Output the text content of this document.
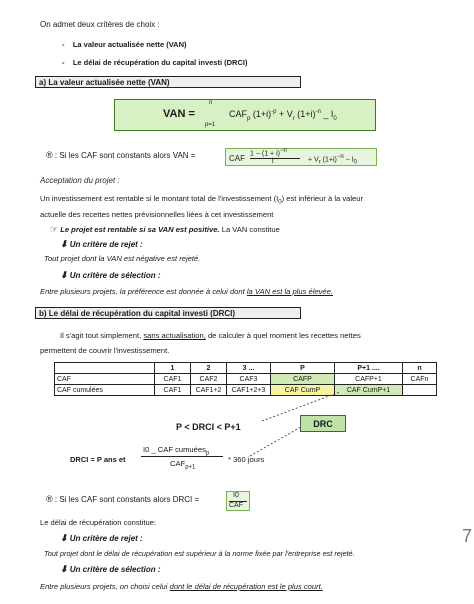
On admet deux critères de choix :
-    La valeur actualisée nette (VAN)
-    Le délai de récupération du capital investi (DRCI)
a) La valeur actualisée nette (VAN)
VAN =
n
p=1
$CAF_p$ $(1+i)^{-p} + V_r$ $(1+i)^{-n}$ _ $I_0$
® : Si les CAF sont constants alors VAN =	CAF
$1 - (1 + i)^{-n}$
i	+ $V_r$ $(1+i)^{-n} - I_0$
Acceptation du projet :
Un investissement est rentable si le montant total de l'investissement $(I_0)$ est inférieur à la valeur
actuelle des recettes nettes prévisionnelles liées à cet investissement
☞ Le projet est rentable si sa VAN est positive. La VAN constitue
⬇ Un critère de rejet :
Tout projet dont la VAN est négative est rejeté.
⬇ Un critère de sélection :
Entre plusieurs projets, la préférence est donnée à celui dont la VAN est la plus élevée.
b) Le délai de récupération du capital investi (DRCI)
Il s'agit tout simplement, sans actualisation, de calculer à quel moment les recettes nettes
permettent de couvrir l'investissement.
	1	2	3 ...	P	P+1 ....	n
CAF	CAF1	CAF2	CAF3	CAFP	CAFP+1	CAFn
CAF cumulées	CAF1	CAF1+2	CAF1+2+3	CAF CumP	CAF CumP+1	
P < DRCI < P+1	DRC
DRCI = P ans et
I0 _ CAF cumuées$_p$
$CAF_{p+1}$
* 360 jours
® : Si les CAF sont constants alors DRCI =	I0
CAF
Le délai de récupération constitue:
⬇ Un critère de rejet :
Tout projet dont le délai de récupération est supérieur à la norme fixée par l'entreprise est rejeté.
⬇ Un critère de sélection :
Entre plusieurs projets, on choisi celui dont le délai de récupération est le plus court.
7
